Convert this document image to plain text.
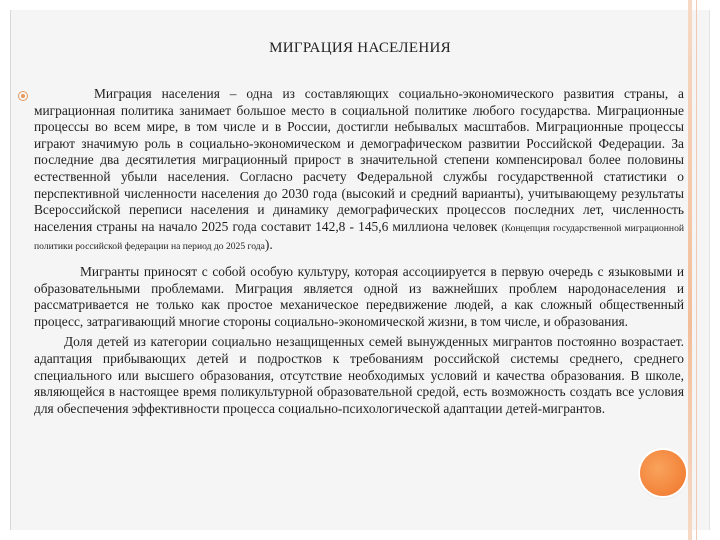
МИГРАЦИЯ НАСЕЛЕНИЯ

Миграция населения – одна из составляющих социально-экономического развития страны, а миграционная политика занимает большое место в социальной политике любого государства. Миграционные процессы во всем мире, в том числе и в России, достигли небывалых масштабов. Миграционные процессы играют значимую роль в социально-экономическом и демографическом развитии Российской Федерации. За последние два десятилетия миграционный прирост в значительной степени компенсировал более половины естественной убыли населения. Согласно расчету Федеральной службы государственной статистики о перспективной численности населения до 2030 года (высокий и средний варианты), учитывающему результаты Всероссийской переписи населения и динамику демографических процессов последних лет, численность населения страны на начало 2025 года составит 142,8 - 145,6 миллиона человек (Концепция государственной миграционной политики российской федерации на период до 2025 года).

Мигранты приносят с собой особую культуру, которая ассоциируется в первую очередь с языковыми и образовательными проблемами. Миграция является одной из важнейших проблем народонаселения и рассматривается не только как простое механическое передвижение людей, а как сложный общественный процесс, затрагивающий многие стороны социально-экономической жизни, в том числе, и образования.

Доля детей из категории социально незащищенных семей вынужденных мигрантов постоянно возрастает. адаптация прибывающих детей и подростков к требованиям российской системы среднего, среднего специального или высшего образования, отсутствие необходимых условий и качества образования. В школе, являющейся в настоящее время поликультурной образовательной средой, есть возможность создать все условия для обеспечения эффективности процесса социально-психологической адаптации детей-мигрантов.
